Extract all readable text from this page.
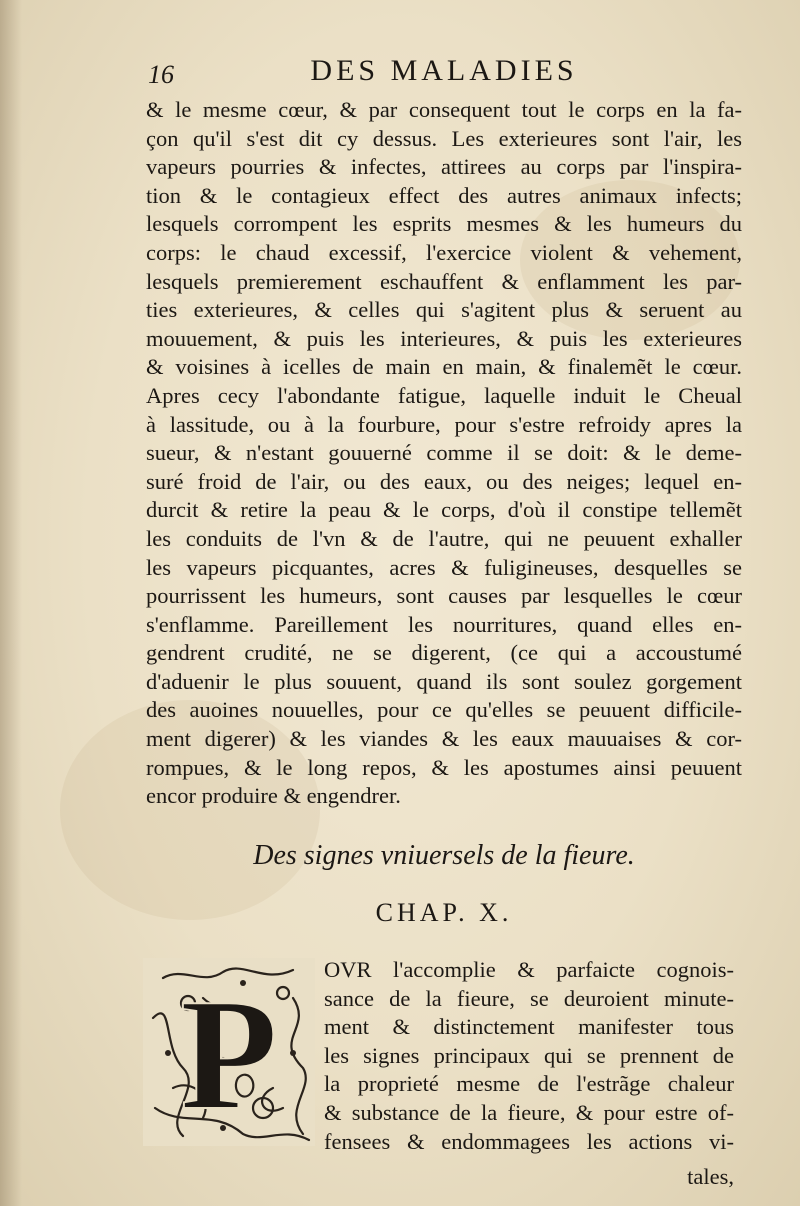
16	DES MALADIES
& le mesme cœur, & par consequent tout le corps en la fa-
çon qu'il s'est dit cy dessus. Les exterieures sont l'air, les
vapeurs pourries & infectes, attirees au corps par l'inspira-
tion & le contagieux effect des autres animaux infects;
lesquels corrompent les esprits mesmes & les humeurs du
corps: le chaud excessif, l'exercice violent & vehement,
lesquels premierement eschauffent & enflamment les par-
ties exterieures, & celles qui s'agitent plus & seruent au
mouuement, & puis les interieures, & puis les exterieures
& voisines à icelles de main en main, & finalemẽt le cœur.
Apres cecy l'abondante fatigue, laquelle induit le Cheual
à lassitude, ou à la fourbure, pour s'estre refroidy apres la
sueur, & n'estant gouuerné comme il se doit: & le deme-
suré froid de l'air, ou des eaux, ou des neiges; lequel en-
durcit & retire la peau & le corps, d'où il constipe tellemẽt
les conduits de l'vn & de l'autre, qui ne peuuent exhaller
les vapeurs picquantes, acres & fuligineuses, desquelles se
pourrissent les humeurs, sont causes par lesquelles le cœur
s'enflamme. Pareillement les nourritures, quand elles en-
gendrent crudité, ne se digerent, (ce qui a accoustumé
d'aduenir le plus souuent, quand ils sont soulez gorgement
des auoines nouuelles, pour ce qu'elles se peuuent difficile-
ment digerer) & les viandes & les eaux mauuaises & cor-
rompues, & le long repos, & les apostumes ainsi peuuent
encor produire & engendrer.
Des signes vniuersels de la fieure.
CHAP. X.
P OVR l'accomplie & parfaicte cognois-
sance de la fieure, se deuroient minute-
ment & distinctement manifester tous
les signes principaux qui se prennent de
la proprieté mesme de l'estrãge chaleur
& substance de la fieure, & pour estre of-
fensees & endommagees les actions vi-
tales,
